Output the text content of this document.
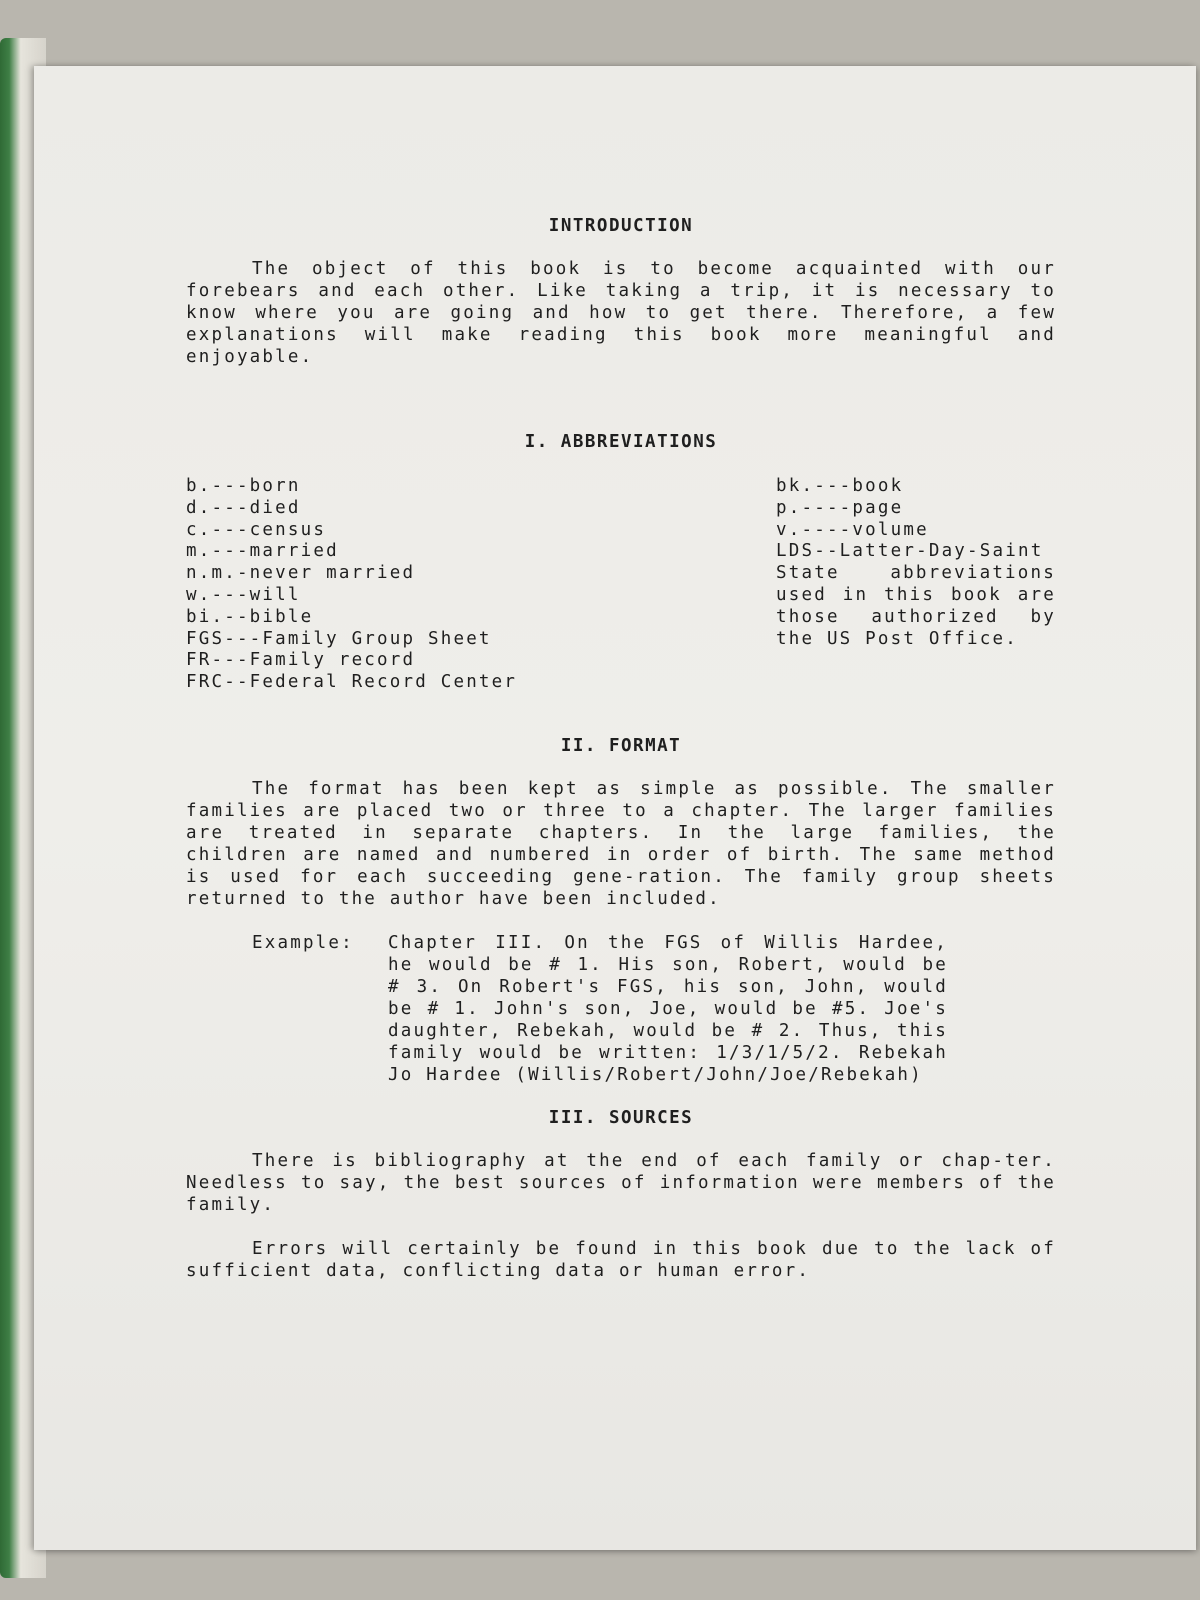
INTRODUCTION

The object of this book is to become acquainted with our forebears and each other. Like taking a trip, it is necessary to know where you are going and how to get there. Therefore, a few explanations will make reading this book more meaningful and enjoyable.

I. ABBREVIATIONS
b.---born
d.---died
c.---census
m.---married
n.m.-never married
w.---will
bi.--bible
FGS---Family Group Sheet
FR---Family record
FRC--Federal Record Center
bk.---book
p.----page
v.----volume
LDS--Latter-Day-Saint
State abbreviations used in this book are those authorized by the US Post Office.
II. FORMAT

The format has been kept as simple as possible. The smaller families are placed two or three to a chapter. The larger families are treated in separate chapters. In the large families, the children are named and numbered in order of birth. The same method is used for each succeeding gene-ration. The family group sheets returned to the author have been included.

Example:	Chapter III. On the FGS of Willis Hardee, he would be # 1. His son, Robert, would be # 3. On Robert's FGS, his son, John, would be # 1. John's son, Joe, would be #5. Joe's daughter, Rebekah, would be # 2. Thus, this family would be written: 1/3/1/5/2. Rebekah Jo Hardee (Willis/Robert/John/Joe/Rebekah)
III. SOURCES

There is bibliography at the end of each family or chap-ter. Needless to say, the best sources of information were members of the family.

Errors will certainly be found in this book due to the lack of sufficient data, conflicting data or human error.
